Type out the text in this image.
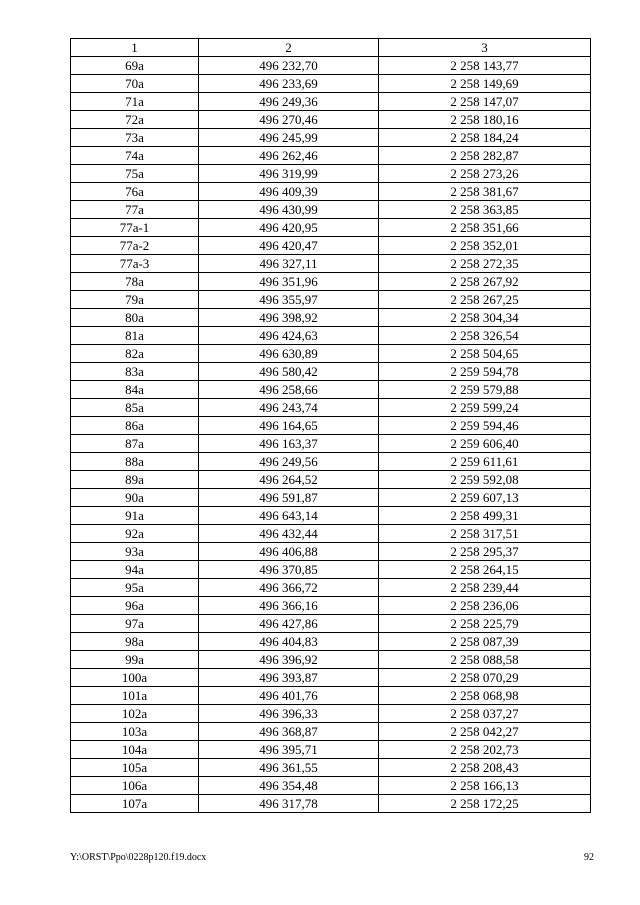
1	2	3
69а	496 232,70	2 258 143,77
70а	496 233,69	2 258 149,69
71а	496 249,36	2 258 147,07
72а	496 270,46	2 258 180,16
73а	496 245,99	2 258 184,24
74а	496 262,46	2 258 282,87
75а	496 319,99	2 258 273,26
76а	496 409,39	2 258 381,67
77а	496 430,99	2 258 363,85
77а-1	496 420,95	2 258 351,66
77а-2	496 420,47	2 258 352,01
77а-3	496 327,11	2 258 272,35
78а	496 351,96	2 258 267,92
79а	496 355,97	2 258 267,25
80а	496 398,92	2 258 304,34
81а	496 424,63	2 258 326,54
82а	496 630,89	2 258 504,65
83а	496 580,42	2 259 594,78
84а	496 258,66	2 259 579,88
85а	496 243,74	2 259 599,24
86а	496 164,65	2 259 594,46
87а	496 163,37	2 259 606,40
88а	496 249,56	2 259 611,61
89а	496 264,52	2 259 592,08
90а	496 591,87	2 259 607,13
91а	496 643,14	2 258 499,31
92а	496 432,44	2 258 317,51
93а	496 406,88	2 258 295,37
94а	496 370,85	2 258 264,15
95а	496 366,72	2 258 239,44
96а	496 366,16	2 258 236,06
97а	496 427,86	2 258 225,79
98а	496 404,83	2 258 087,39
99а	496 396,92	2 258 088,58
100а	496 393,87	2 258 070,29
101а	496 401,76	2 258 068,98
102а	496 396,33	2 258 037,27
103а	496 368,87	2 258 042,27
104а	496 395,71	2 258 202,73
105а	496 361,55	2 258 208,43
106а	496 354,48	2 258 166,13
107а	496 317,78	2 258 172,25
Y:\ORST\Ppo\0228p120.f19.docx	92
